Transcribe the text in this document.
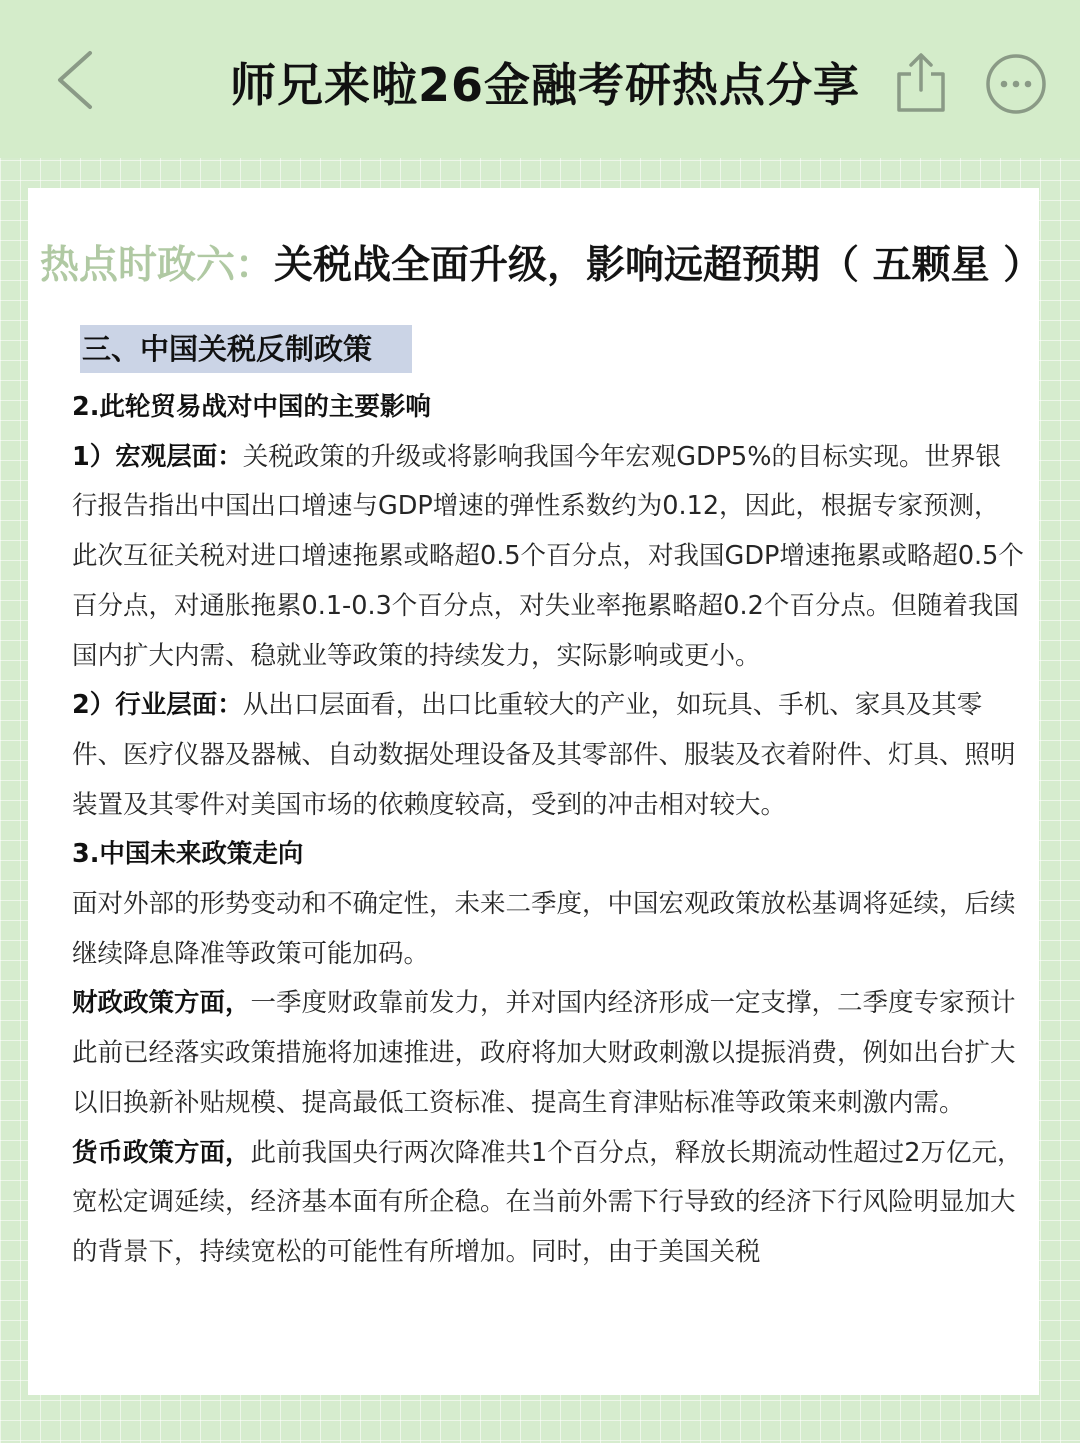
师兄来啦26金融考研热点分享
热点时政六：关税战全面升级，影响远超预期（ 五颗星 ）
三、中国关税反制政策

2.此轮贸易战对中国的主要影响

1）宏观层面：关税政策的升级或将影响我国今年宏观GDP5%的目标实现。世界银行报告指出中国出口增速与GDP增速的弹性系数约为0.12，因此，根据专家预测，此次互征关税对进口增速拖累或略超0.5个百分点，对我国GDP增速拖累或略超0.5个百分点，对通胀拖累0.1-0.3个百分点，对失业率拖累略超0.2个百分点。但随着我国国内扩大内需、稳就业等政策的持续发力，实际影响或更小。

2）行业层面：从出口层面看，出口比重较大的产业，如玩具、手机、家具及其零件、医疗仪器及器械、自动数据处理设备及其零部件、服装及衣着附件、灯具、照明装置及其零件对美国市场的依赖度较高，受到的冲击相对较大。

3.中国未来政策走向

面对外部的形势变动和不确定性，未来二季度，中国宏观政策放松基调将延续，后续继续降息降准等政策可能加码。

财政政策方面，一季度财政靠前发力，并对国内经济形成一定支撑，二季度专家预计此前已经落实政策措施将加速推进，政府将加大财政刺激以提振消费，例如出台扩大以旧换新补贴规模、提高最低工资标准、提高生育津贴标准等政策来刺激内需。

货币政策方面，此前我国央行两次降准共1个百分点，释放长期流动性超过2万亿元，宽松定调延续，经济基本面有所企稳。在当前外需下行导致的经济下行风险明显加大的背景下，持续宽松的可能性有所增加。同时，由于美国关税
